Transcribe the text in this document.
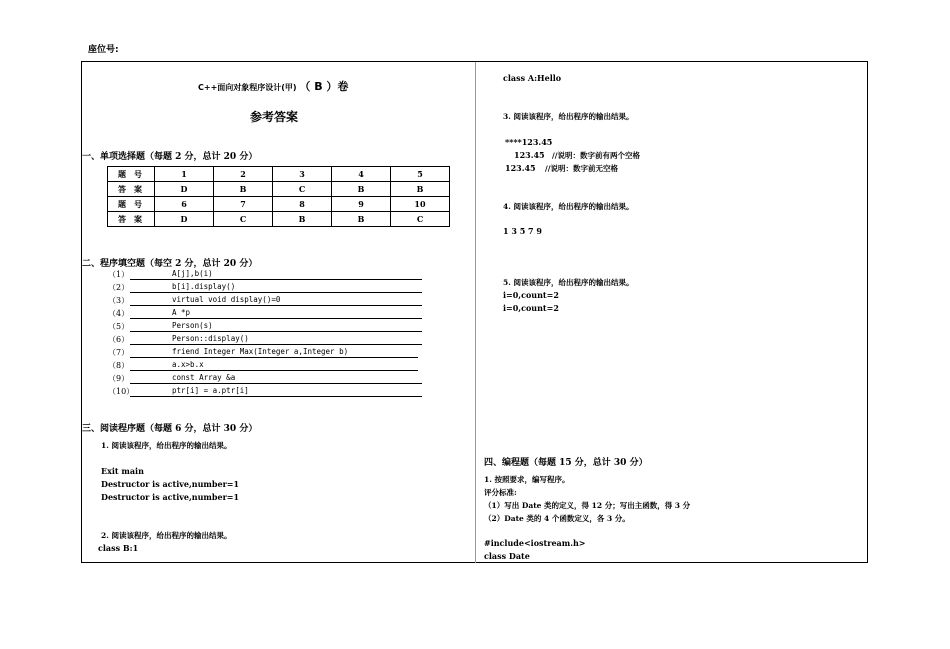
座位号:
C++面向对象程序设计(甲) （ B ）卷
参考答案
一、单项选择题（每题 2 分，总计 20 分）
题号	1	2	3	4	5
答案	D	B	C	B	B
题号	6	7	8	9	10
答案	D	C	B	B	C
二、程序填空题（每空 2 分，总计 20 分）
（1）	A[j],b(i)
（2）	b[i].display()
（3）	virtual void display()=0
（4）	A *p
（5）	Person(s)
（6）	Person::display()
（7）	friend Integer Max(Integer a,Integer b)
（8）	a.x>b.x
（9）	const Array &a
（10）	ptr[i] = a.ptr[i]
三、阅读程序题（每题 6 分，总计 30 分）
1. 阅读该程序，给出程序的输出结果。
Exit main
Destructor is active,number=1
Destructor is active,number=1
2. 阅读该程序，给出程序的输出结果。
class B:1
class A:Hello
3. 阅读该程序，给出程序的输出结果。
****123.45
123.45 //说明：数字前有两个空格
123.45 //说明：数字前无空格
4. 阅读该程序，给出程序的输出结果。
1 3 5 7 9
5. 阅读该程序，给出程序的输出结果。
i=0,count=2
i=0,count=2
四、编程题（每题 15 分，总计 30 分）
1. 按照要求，编写程序。
评分标准:
（1）写出 Date 类的定义，得 12 分；写出主函数，得 3 分
（2）Date 类的 4 个函数定义，各 3 分。
#include<iostream.h>
class Date
